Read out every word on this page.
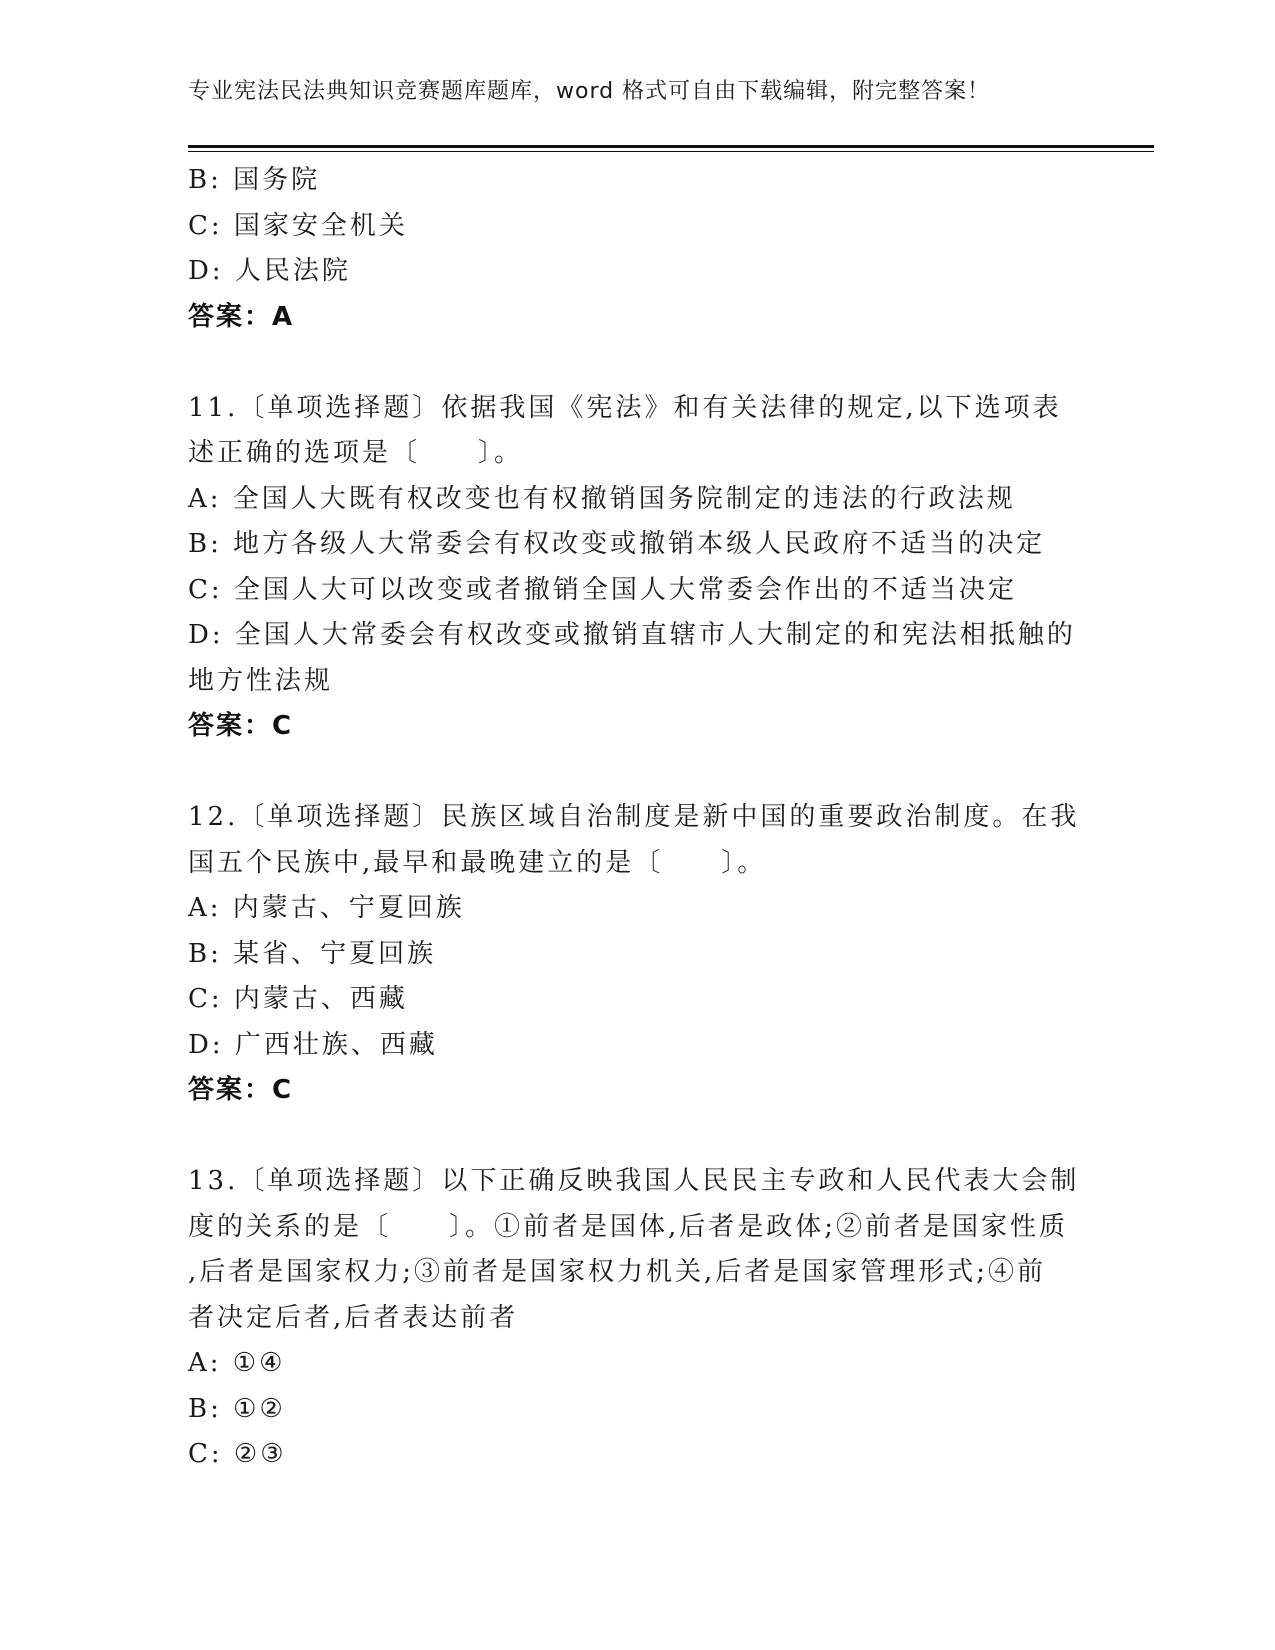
专业宪法民法典知识竞赛题库题库，word 格式可自由下载编辑，附完整答案！
B: 国务院
C: 国家安全机关
D: 人民法院
答案：A
11.〔单项选择题〕依据我国《宪法》和有关法律的规定,以下选项表
述正确的选项是〔　　〕。
A: 全国人大既有权改变也有权撤销国务院制定的违法的行政法规
B: 地方各级人大常委会有权改变或撤销本级人民政府不适当的决定
C: 全国人大可以改变或者撤销全国人大常委会作出的不适当决定
D: 全国人大常委会有权改变或撤销直辖市人大制定的和宪法相抵触的
地方性法规
答案：C
12.〔单项选择题〕民族区域自治制度是新中国的重要政治制度。在我
国五个民族中,最早和最晚建立的是〔　　〕。
A: 内蒙古、宁夏回族
B: 某省、宁夏回族
C: 内蒙古、西藏
D: 广西壮族、西藏
答案：C
13.〔单项选择题〕以下正确反映我国人民民主专政和人民代表大会制
度的关系的是〔　　〕。①前者是国体,后者是政体;②前者是国家性质
,后者是国家权力;③前者是国家权力机关,后者是国家管理形式;④前
者决定后者,后者表达前者
A: ①④
B: ①②
C: ②③
